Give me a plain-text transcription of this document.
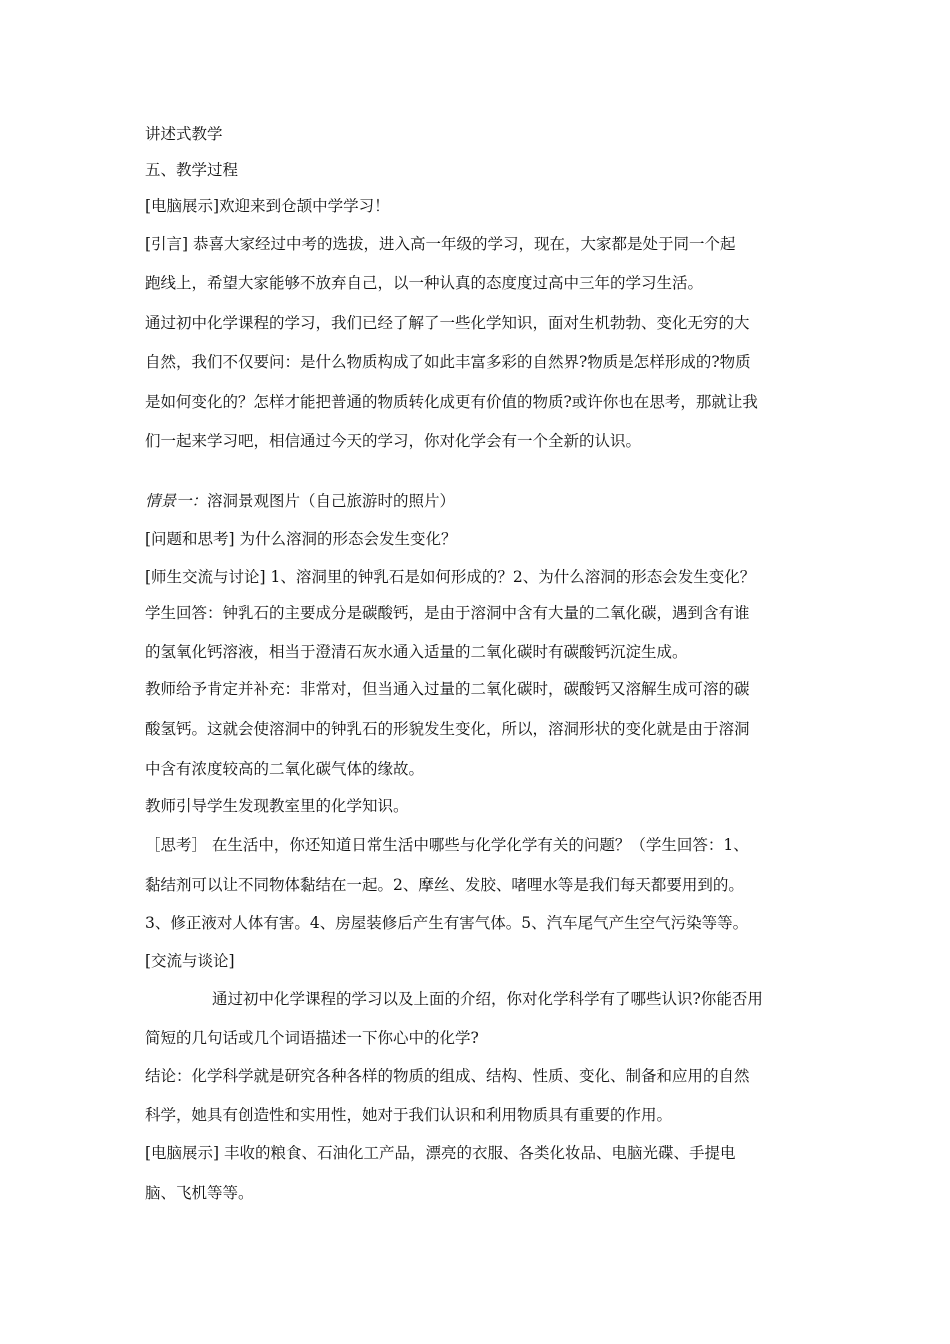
讲述式教学
五、教学过程
[电脑展示]欢迎来到仓颉中学学习！
[引言] 恭喜大家经过中考的选拔，进入高一年级的学习，现在，大家都是处于同一个起
跑线上，希望大家能够不放弃自己，以一种认真的态度度过高中三年的学习生活。
通过初中化学课程的学习，我们已经了解了一些化学知识，面对生机勃勃、变化无穷的大
自然，我们不仅要问：是什么物质构成了如此丰富多彩的自然界?物质是怎样形成的?物质
是如何变化的？怎样才能把普通的物质转化成更有价值的物质?或许你也在思考，那就让我
们一起来学习吧，相信通过今天的学习，你对化学会有一个全新的认识。
情景一：溶洞景观图片（自己旅游时的照片）
[问题和思考] 为什么溶洞的形态会发生变化？
[师生交流与讨论] 1、溶洞里的钟乳石是如何形成的？2、为什么溶洞的形态会发生变化？
学生回答：钟乳石的主要成分是碳酸钙，是由于溶洞中含有大量的二氧化碳，遇到含有谁
的氢氧化钙溶液，相当于澄清石灰水通入适量的二氧化碳时有碳酸钙沉淀生成。
教师给予肯定并补充：非常对，但当通入过量的二氧化碳时，碳酸钙又溶解生成可溶的碳
酸氢钙。这就会使溶洞中的钟乳石的形貌发生变化，所以，溶洞形状的变化就是由于溶洞
中含有浓度较高的二氧化碳气体的缘故。
教师引导学生发现教室里的化学知识。
［思考］ 在生活中，你还知道日常生活中哪些与化学化学有关的问题？（学生回答：1、
黏结剂可以让不同物体黏结在一起。2、摩丝、发胶、啫哩水等是我们每天都要用到的。
3、修正液对人体有害。4、房屋装修后产生有害气体。5、汽车尾气产生空气污染等等。
[交流与谈论]
通过初中化学课程的学习以及上面的介绍，你对化学科学有了哪些认识?你能否用
简短的几句话或几个词语描述一下你心中的化学?
结论：化学科学就是研究各种各样的物质的组成、结构、性质、变化、制备和应用的自然
科学，她具有创造性和实用性，她对于我们认识和利用物质具有重要的作用。
[电脑展示] 丰收的粮食、石油化工产品，漂亮的衣服、各类化妆品、电脑光碟、手提电
脑、飞机等等。
